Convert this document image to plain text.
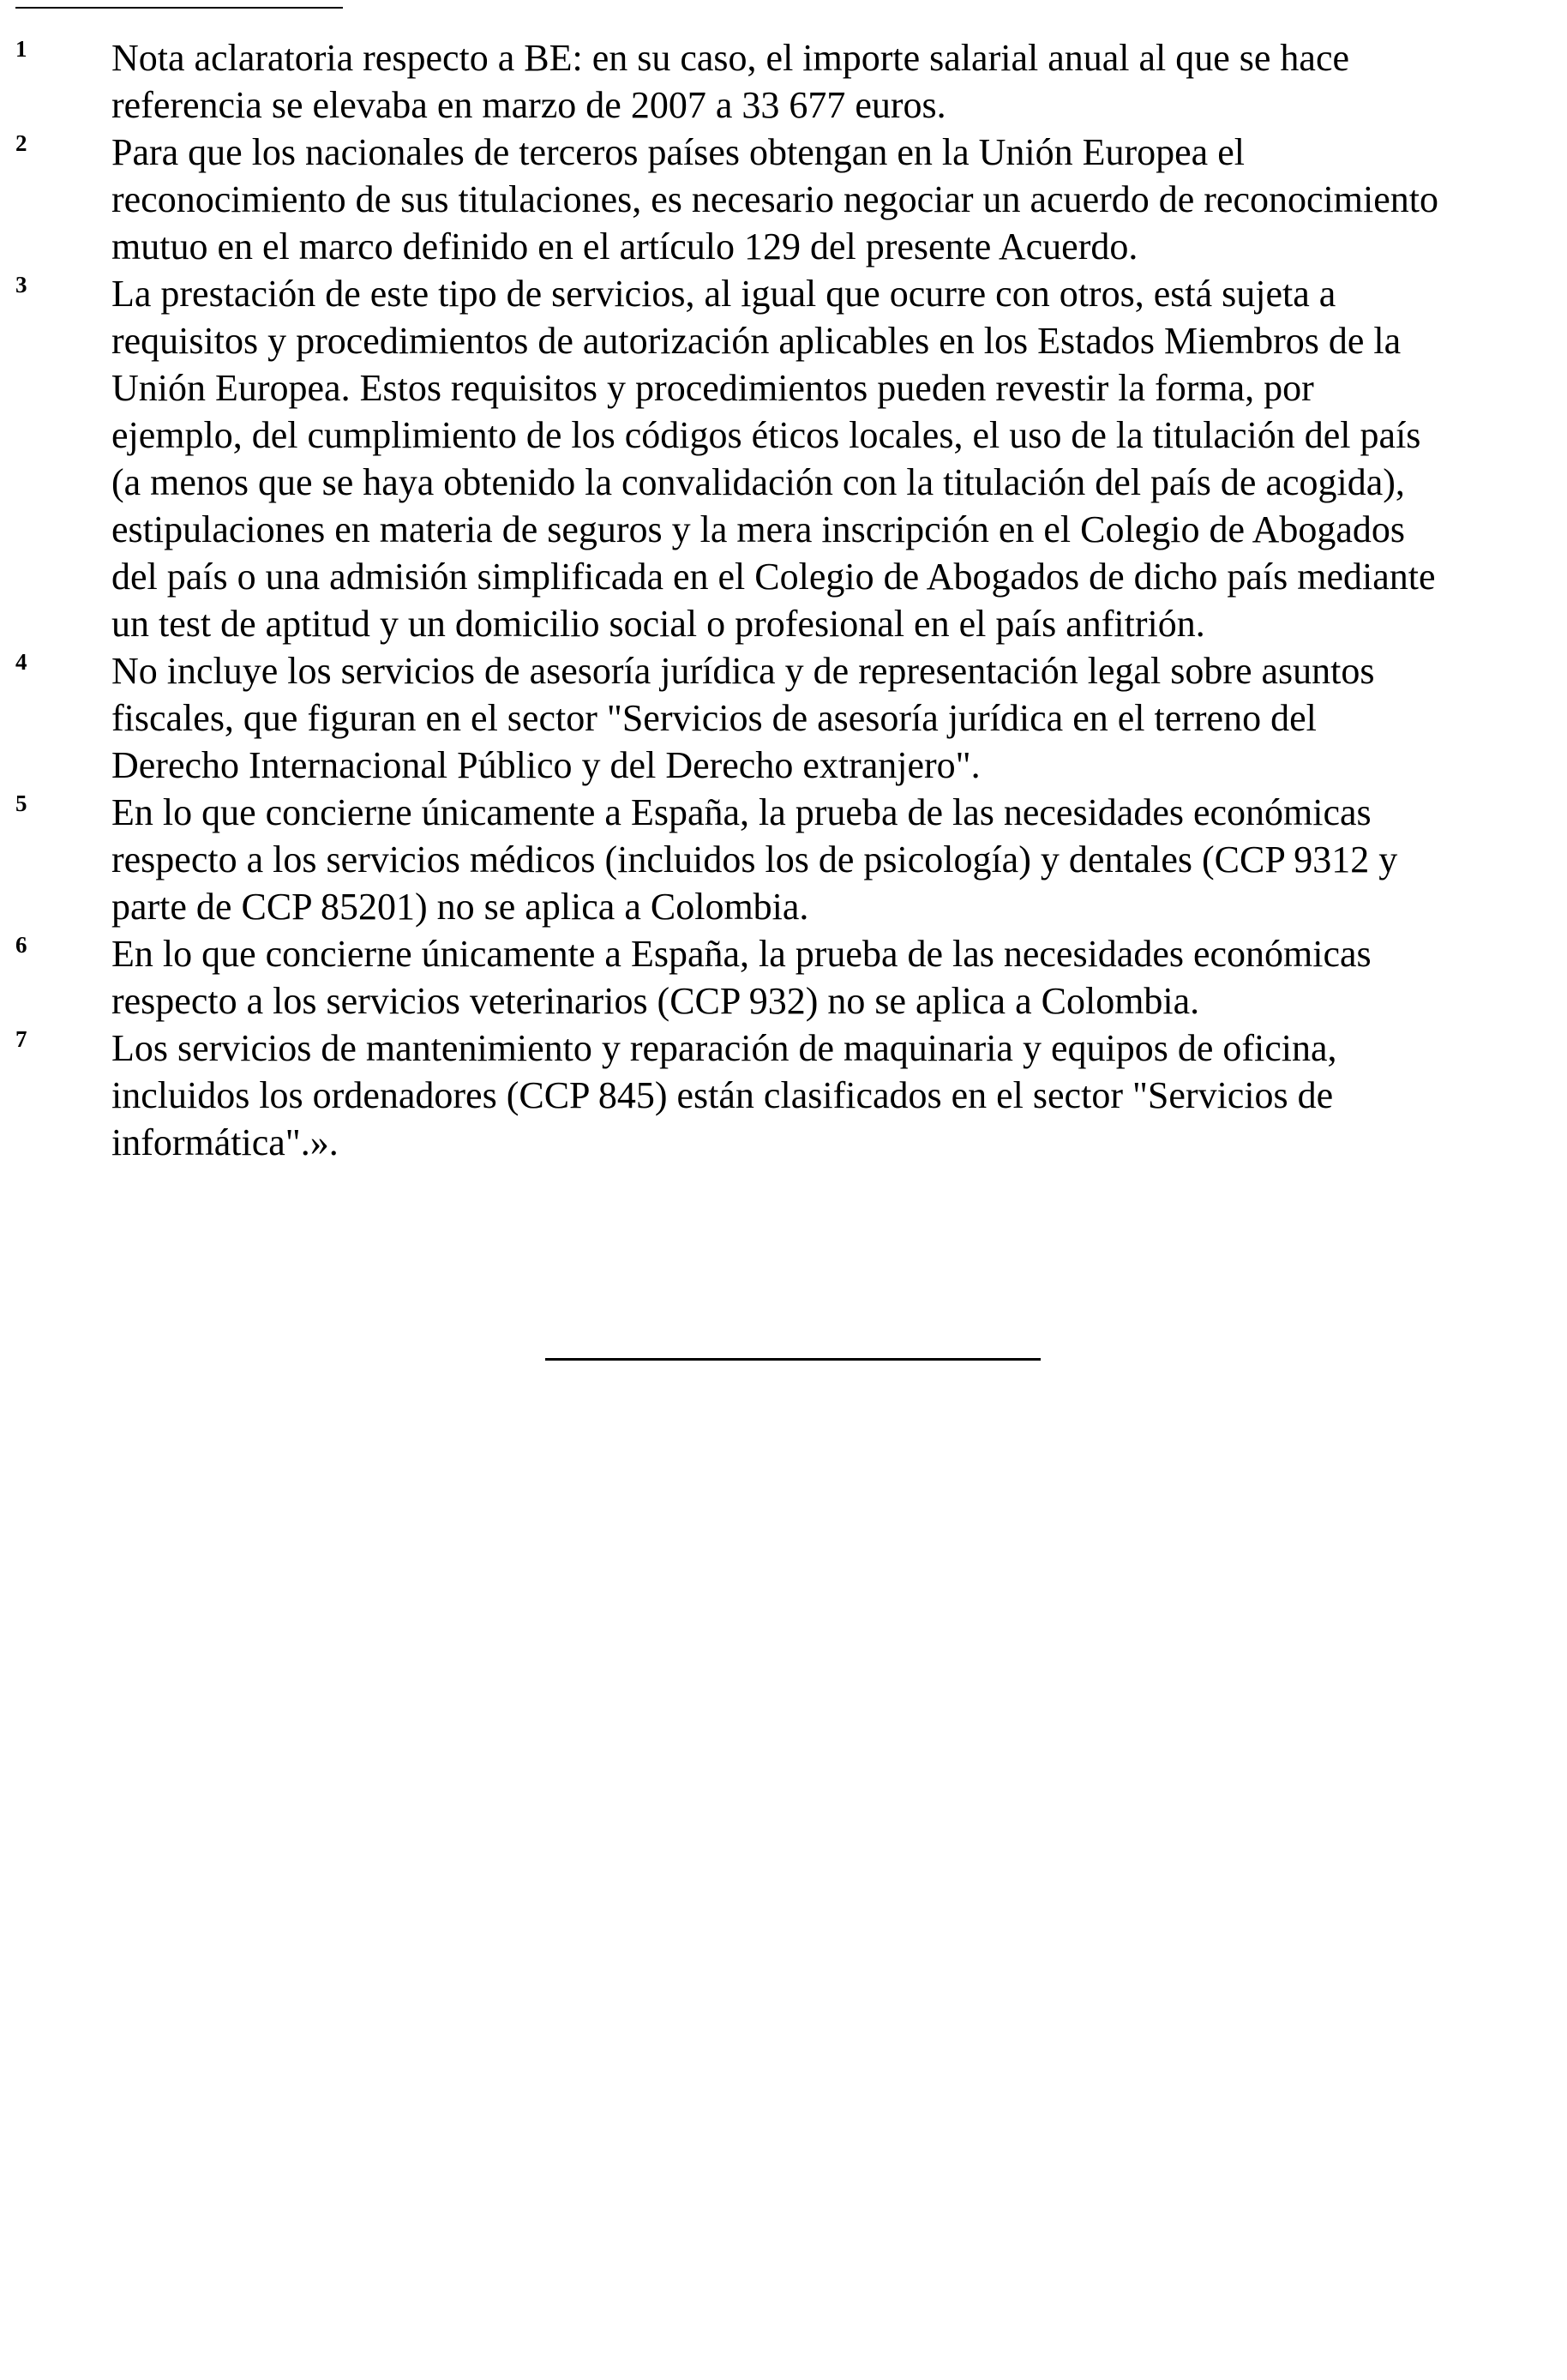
1 Nota aclaratoria respecto a BE: en su caso, el importe salarial anual al que se hace
referencia se elevaba en marzo de 2007 a 33 677 euros.
2 Para que los nacionales de terceros países obtengan en la Unión Europea el
reconocimiento de sus titulaciones, es necesario negociar un acuerdo de reconocimiento
mutuo en el marco definido en el artículo 129 del presente Acuerdo.
3 La prestación de este tipo de servicios, al igual que ocurre con otros, está sujeta a
requisitos y procedimientos de autorización aplicables en los Estados Miembros de la
Unión Europea. Estos requisitos y procedimientos pueden revestir la forma, por
ejemplo, del cumplimiento de los códigos éticos locales, el uso de la titulación del país
(a menos que se haya obtenido la convalidación con la titulación del país de acogida),
estipulaciones en materia de seguros y la mera inscripción en el Colegio de Abogados
del país o una admisión simplificada en el Colegio de Abogados de dicho país mediante
un test de aptitud y un domicilio social o profesional en el país anfitrión.
4 No incluye los servicios de asesoría jurídica y de representación legal sobre asuntos
fiscales, que figuran en el sector "Servicios de asesoría jurídica en el terreno del
Derecho Internacional Público y del Derecho extranjero".
5 En lo que concierne únicamente a España, la prueba de las necesidades económicas
respecto a los servicios médicos (incluidos los de psicología) y dentales (CCP 9312 y
parte de CCP 85201) no se aplica a Colombia.
6 En lo que concierne únicamente a España, la prueba de las necesidades económicas
respecto a los servicios veterinarios (CCP 932) no se aplica a Colombia.
7 Los servicios de mantenimiento y reparación de maquinaria y equipos de oficina,
incluidos los ordenadores (CCP 845) están clasificados en el sector "Servicios de
informática".».
